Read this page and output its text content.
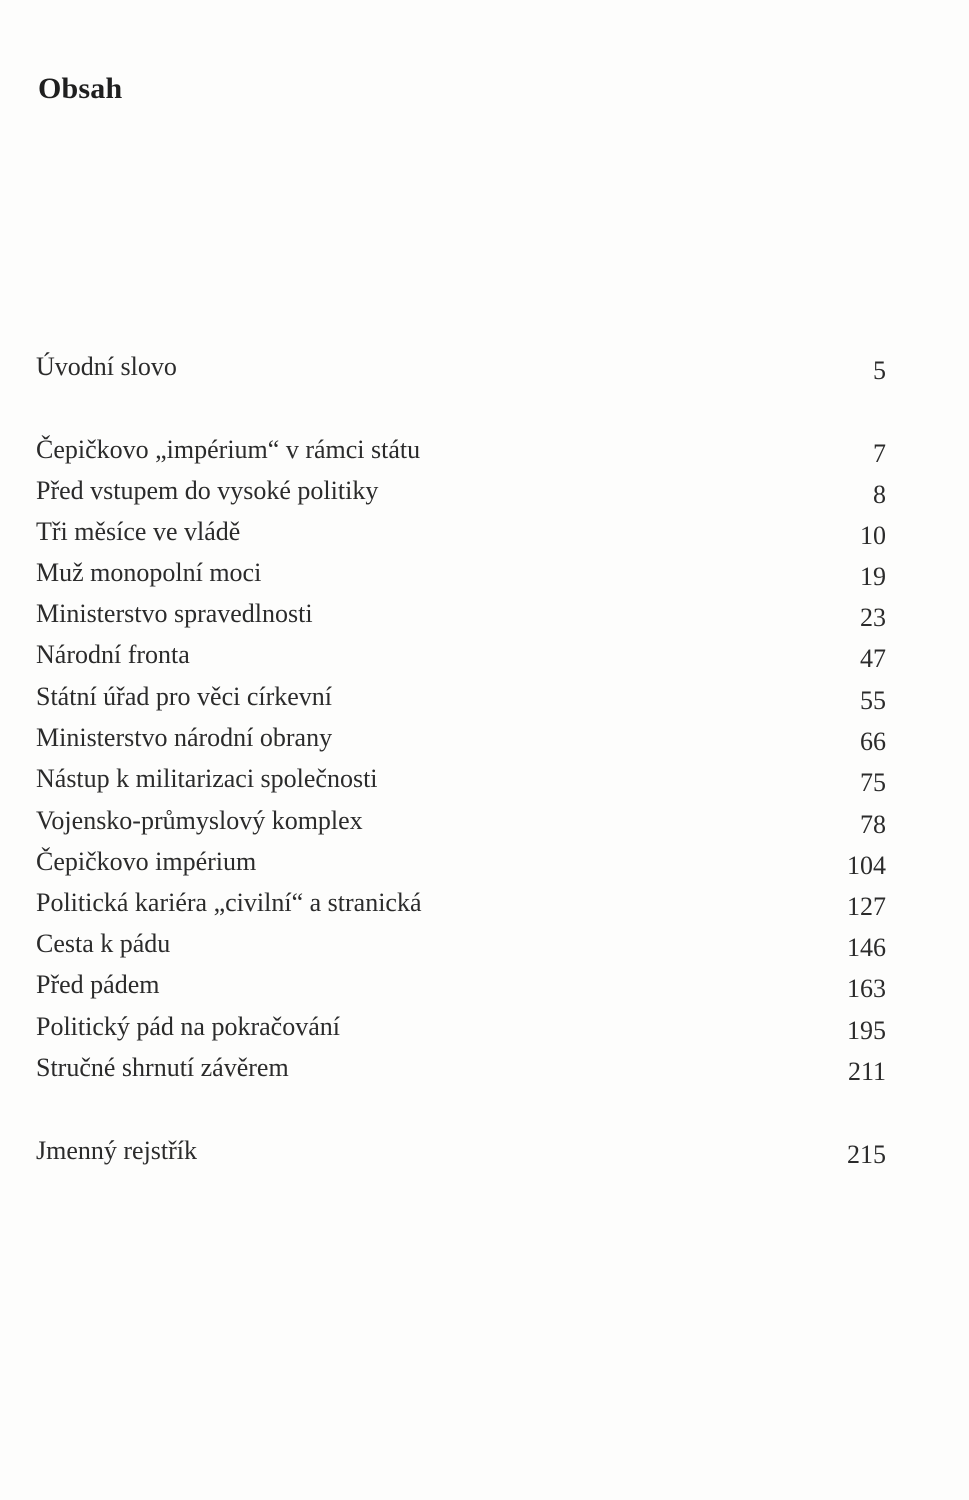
Obsah
Úvodní slovo	5
Čepičkovo „impérium“ v rámci státu	7
Před vstupem do vysoké politiky	8
Tři měsíce ve vládě	10
Muž monopolní moci	19
Ministerstvo spravedlnosti	23
Národní fronta	47
Státní úřad pro věci církevní	55
Ministerstvo národní obrany	66
Nástup k militarizaci společnosti	75
Vojensko-průmyslový komplex	78
Čepičkovo impérium	104
Politická kariéra „civilní“ a stranická	127
Cesta k pádu	146
Před pádem	163
Politický pád na pokračování	195
Stručné shrnutí závěrem	211
Jmenný rejstřík	215
